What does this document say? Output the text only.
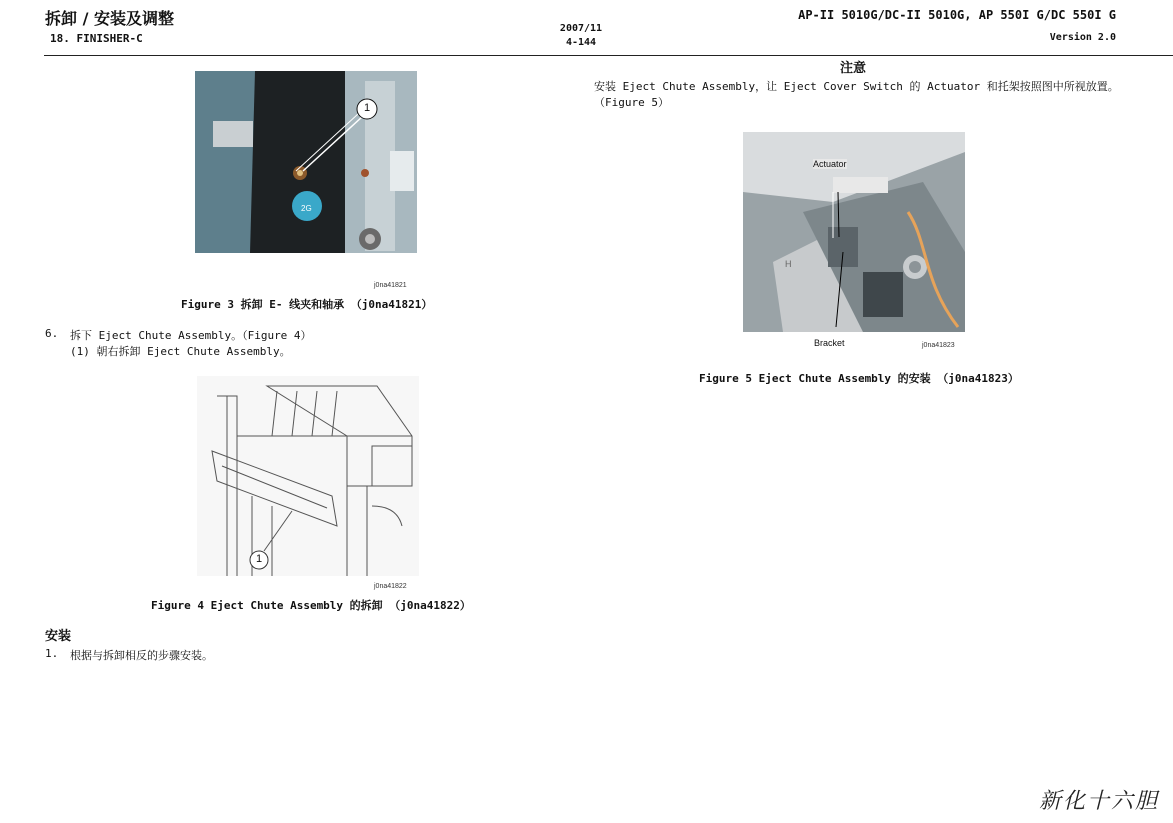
拆卸 / 安装及调整
18. FINISHER-C
2007/11
4-144
AP-II 5010G/DC-II 5010G, AP 550I G/DC 550I G
Version 2.0
2G
1
j0na41821
Figure 3 拆卸 E- 线夹和轴承 （j0na41821）
6. 拆下 Eject Chute Assembly。（Figure 4）
(1) 朝右拆卸 Eject Chute Assembly。
1
j0na41822
Figure 4 Eject Chute Assembly 的拆卸 （j0na41822）
安装
1. 根据与拆卸相反的步骤安装。
注意
安装 Eject Chute Assembly，让 Eject Cover Switch 的 Actuator 和托架按照图中所视放置。
（Figure 5）
H
Actuator
Bracket	j0na41823
Figure 5 Eject Chute Assembly 的安装 （j0na41823）
新化十六胆
